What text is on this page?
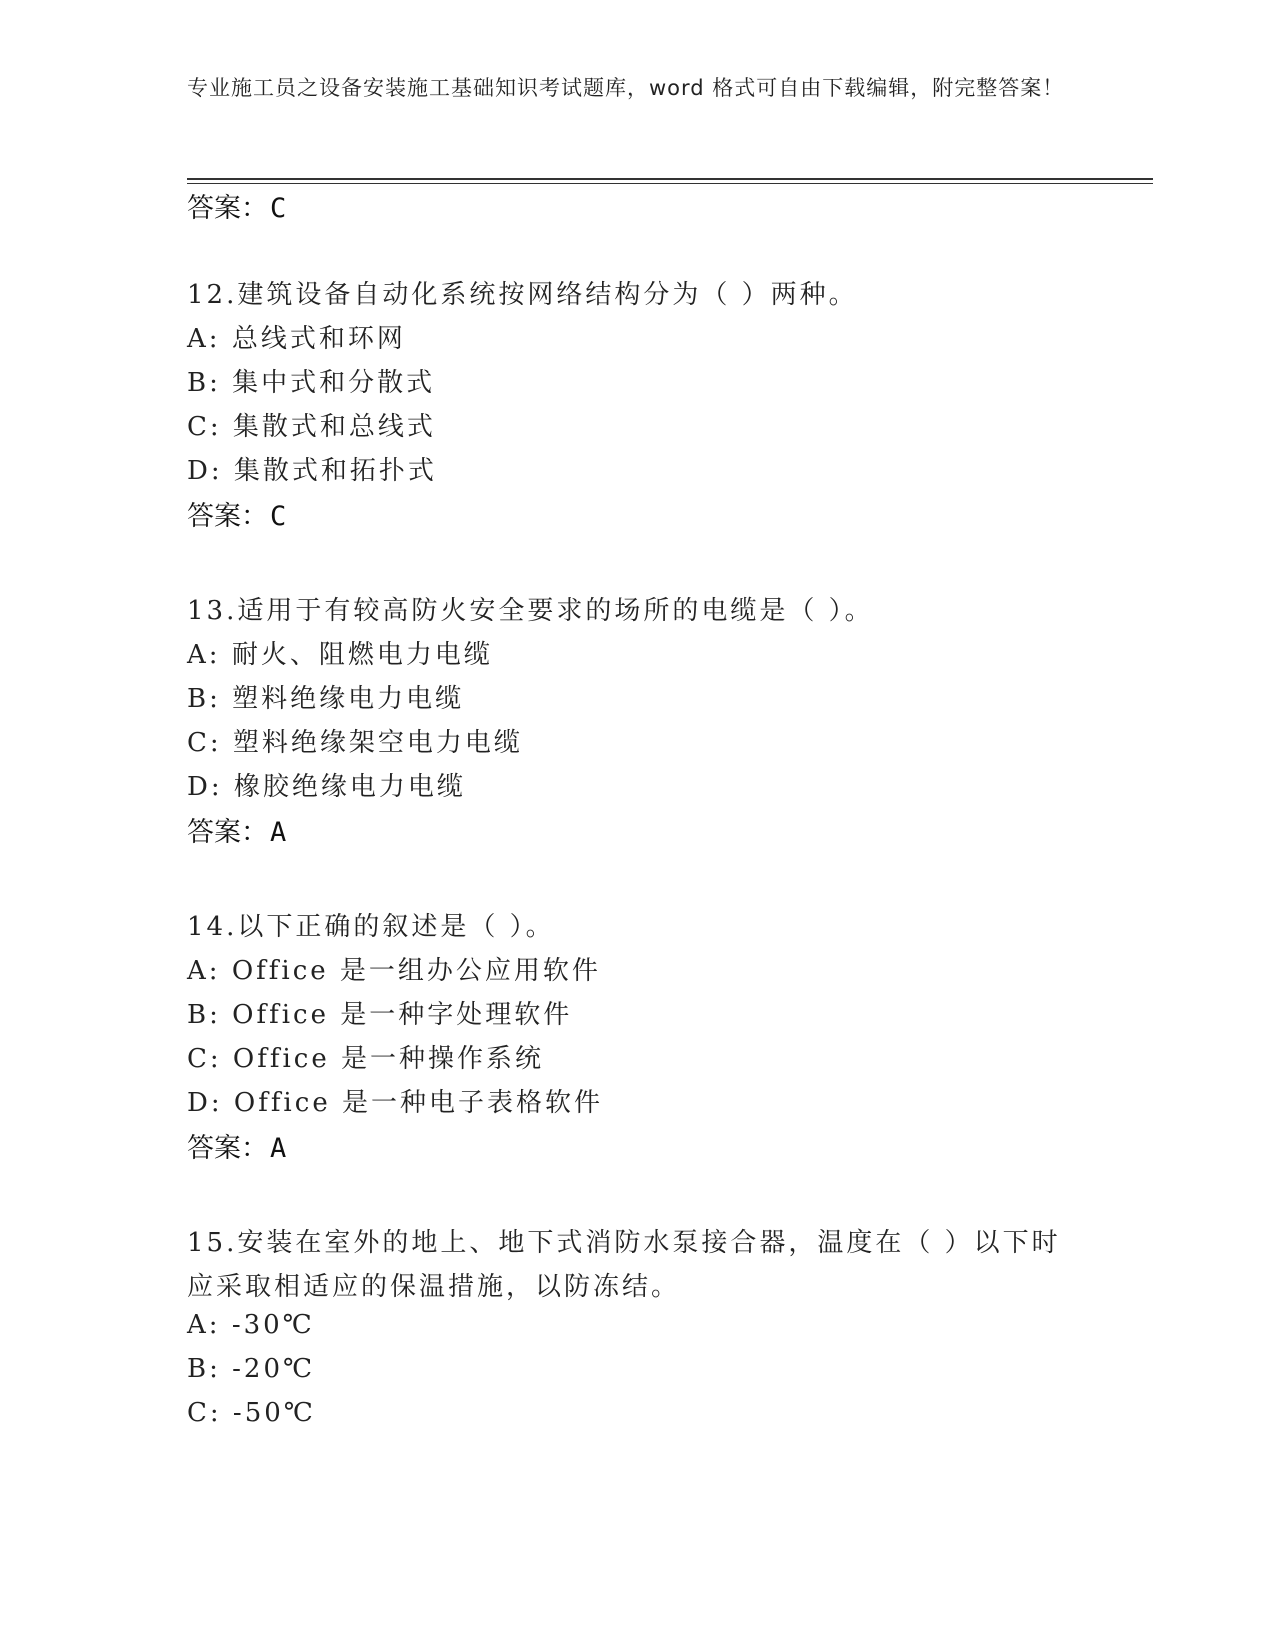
专业施工员之设备安装施工基础知识考试题库，word 格式可自由下载编辑，附完整答案！
答案：C
12.建筑设备自动化系统按网络结构分为（ ）两种。
A: 总线式和环网
B: 集中式和分散式
C: 集散式和总线式
D: 集散式和拓扑式
答案：C
13.适用于有较高防火安全要求的场所的电缆是（ ）。
A: 耐火、阻燃电力电缆
B: 塑料绝缘电力电缆
C: 塑料绝缘架空电力电缆
D: 橡胶绝缘电力电缆
答案：A
14.以下正确的叙述是（ ）。
A: Office 是一组办公应用软件
B: Office 是一种字处理软件
C: Office 是一种操作系统
D: Office 是一种电子表格软件
答案：A
15.安装在室外的地上、地下式消防水泵接合器，温度在（ ）以下时
应采取相适应的保温措施，以防冻结。
A: -30℃
B: -20℃
C: -50℃
